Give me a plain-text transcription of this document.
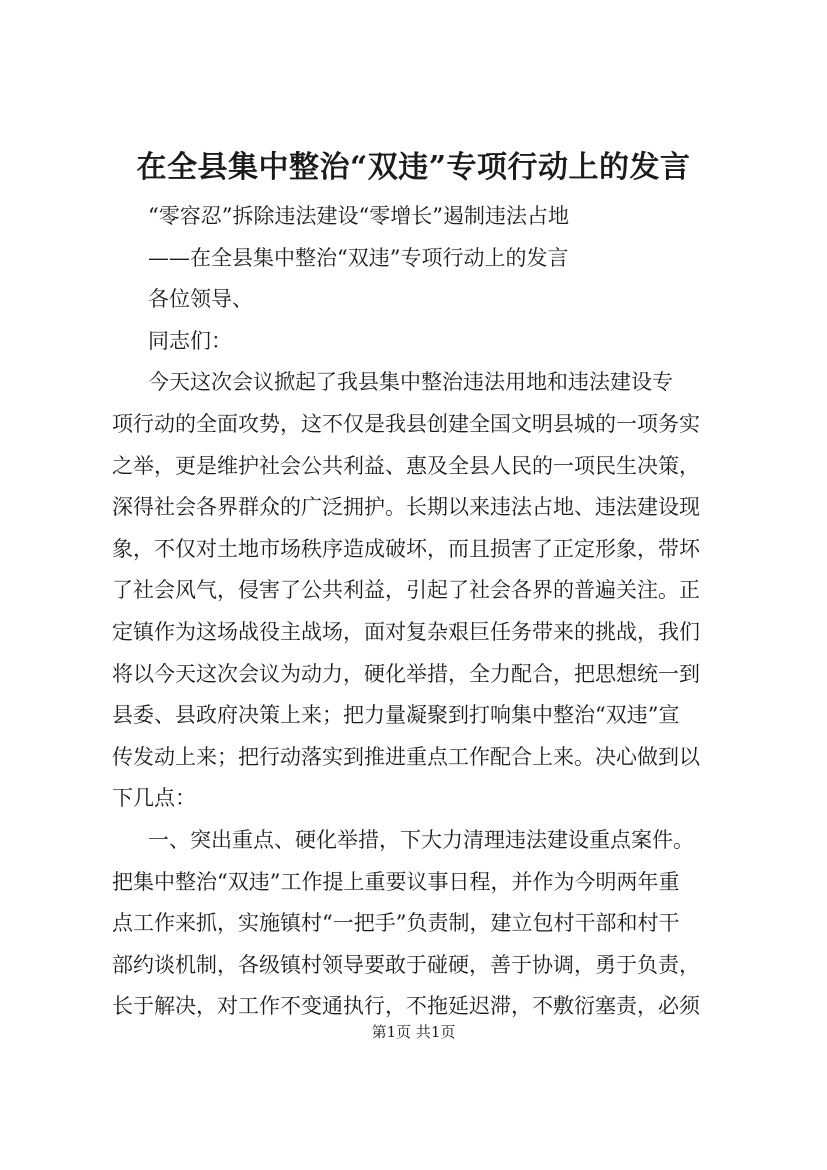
在全县集中整治“双违”专项行动上的发言
“零容忍”拆除违法建设“零增长”遏制违法占地
——在全县集中整治“双违”专项行动上的发言
各位领导、
同志们：
今天这次会议掀起了我县集中整治违法用地和违法建设专
项行动的全面攻势，这不仅是我县创建全国文明县城的一项务实
之举，更是维护社会公共利益、惠及全县人民的一项民生决策，
深得社会各界群众的广泛拥护。长期以来违法占地、违法建设现
象，不仅对土地市场秩序造成破坏，而且损害了正定形象，带坏
了社会风气，侵害了公共利益，引起了社会各界的普遍关注。正
定镇作为这场战役主战场，面对复杂艰巨任务带来的挑战，我们
将以今天这次会议为动力，硬化举措，全力配合，把思想统一到
县委、县政府决策上来；把力量凝聚到打响集中整治“双违”宣
传发动上来；把行动落实到推进重点工作配合上来。决心做到以
下几点：
一、突出重点、硬化举措，下大力清理违法建设重点案件。
把集中整治“双违”工作提上重要议事日程，并作为今明两年重
点工作来抓，实施镇村“一把手”负责制，建立包村干部和村干
部约谈机制，各级镇村领导要敢于碰硬，善于协调，勇于负责，
长于解决，对工作不变通执行，不拖延迟滞，不敷衍塞责，必须
第1页 共1页
